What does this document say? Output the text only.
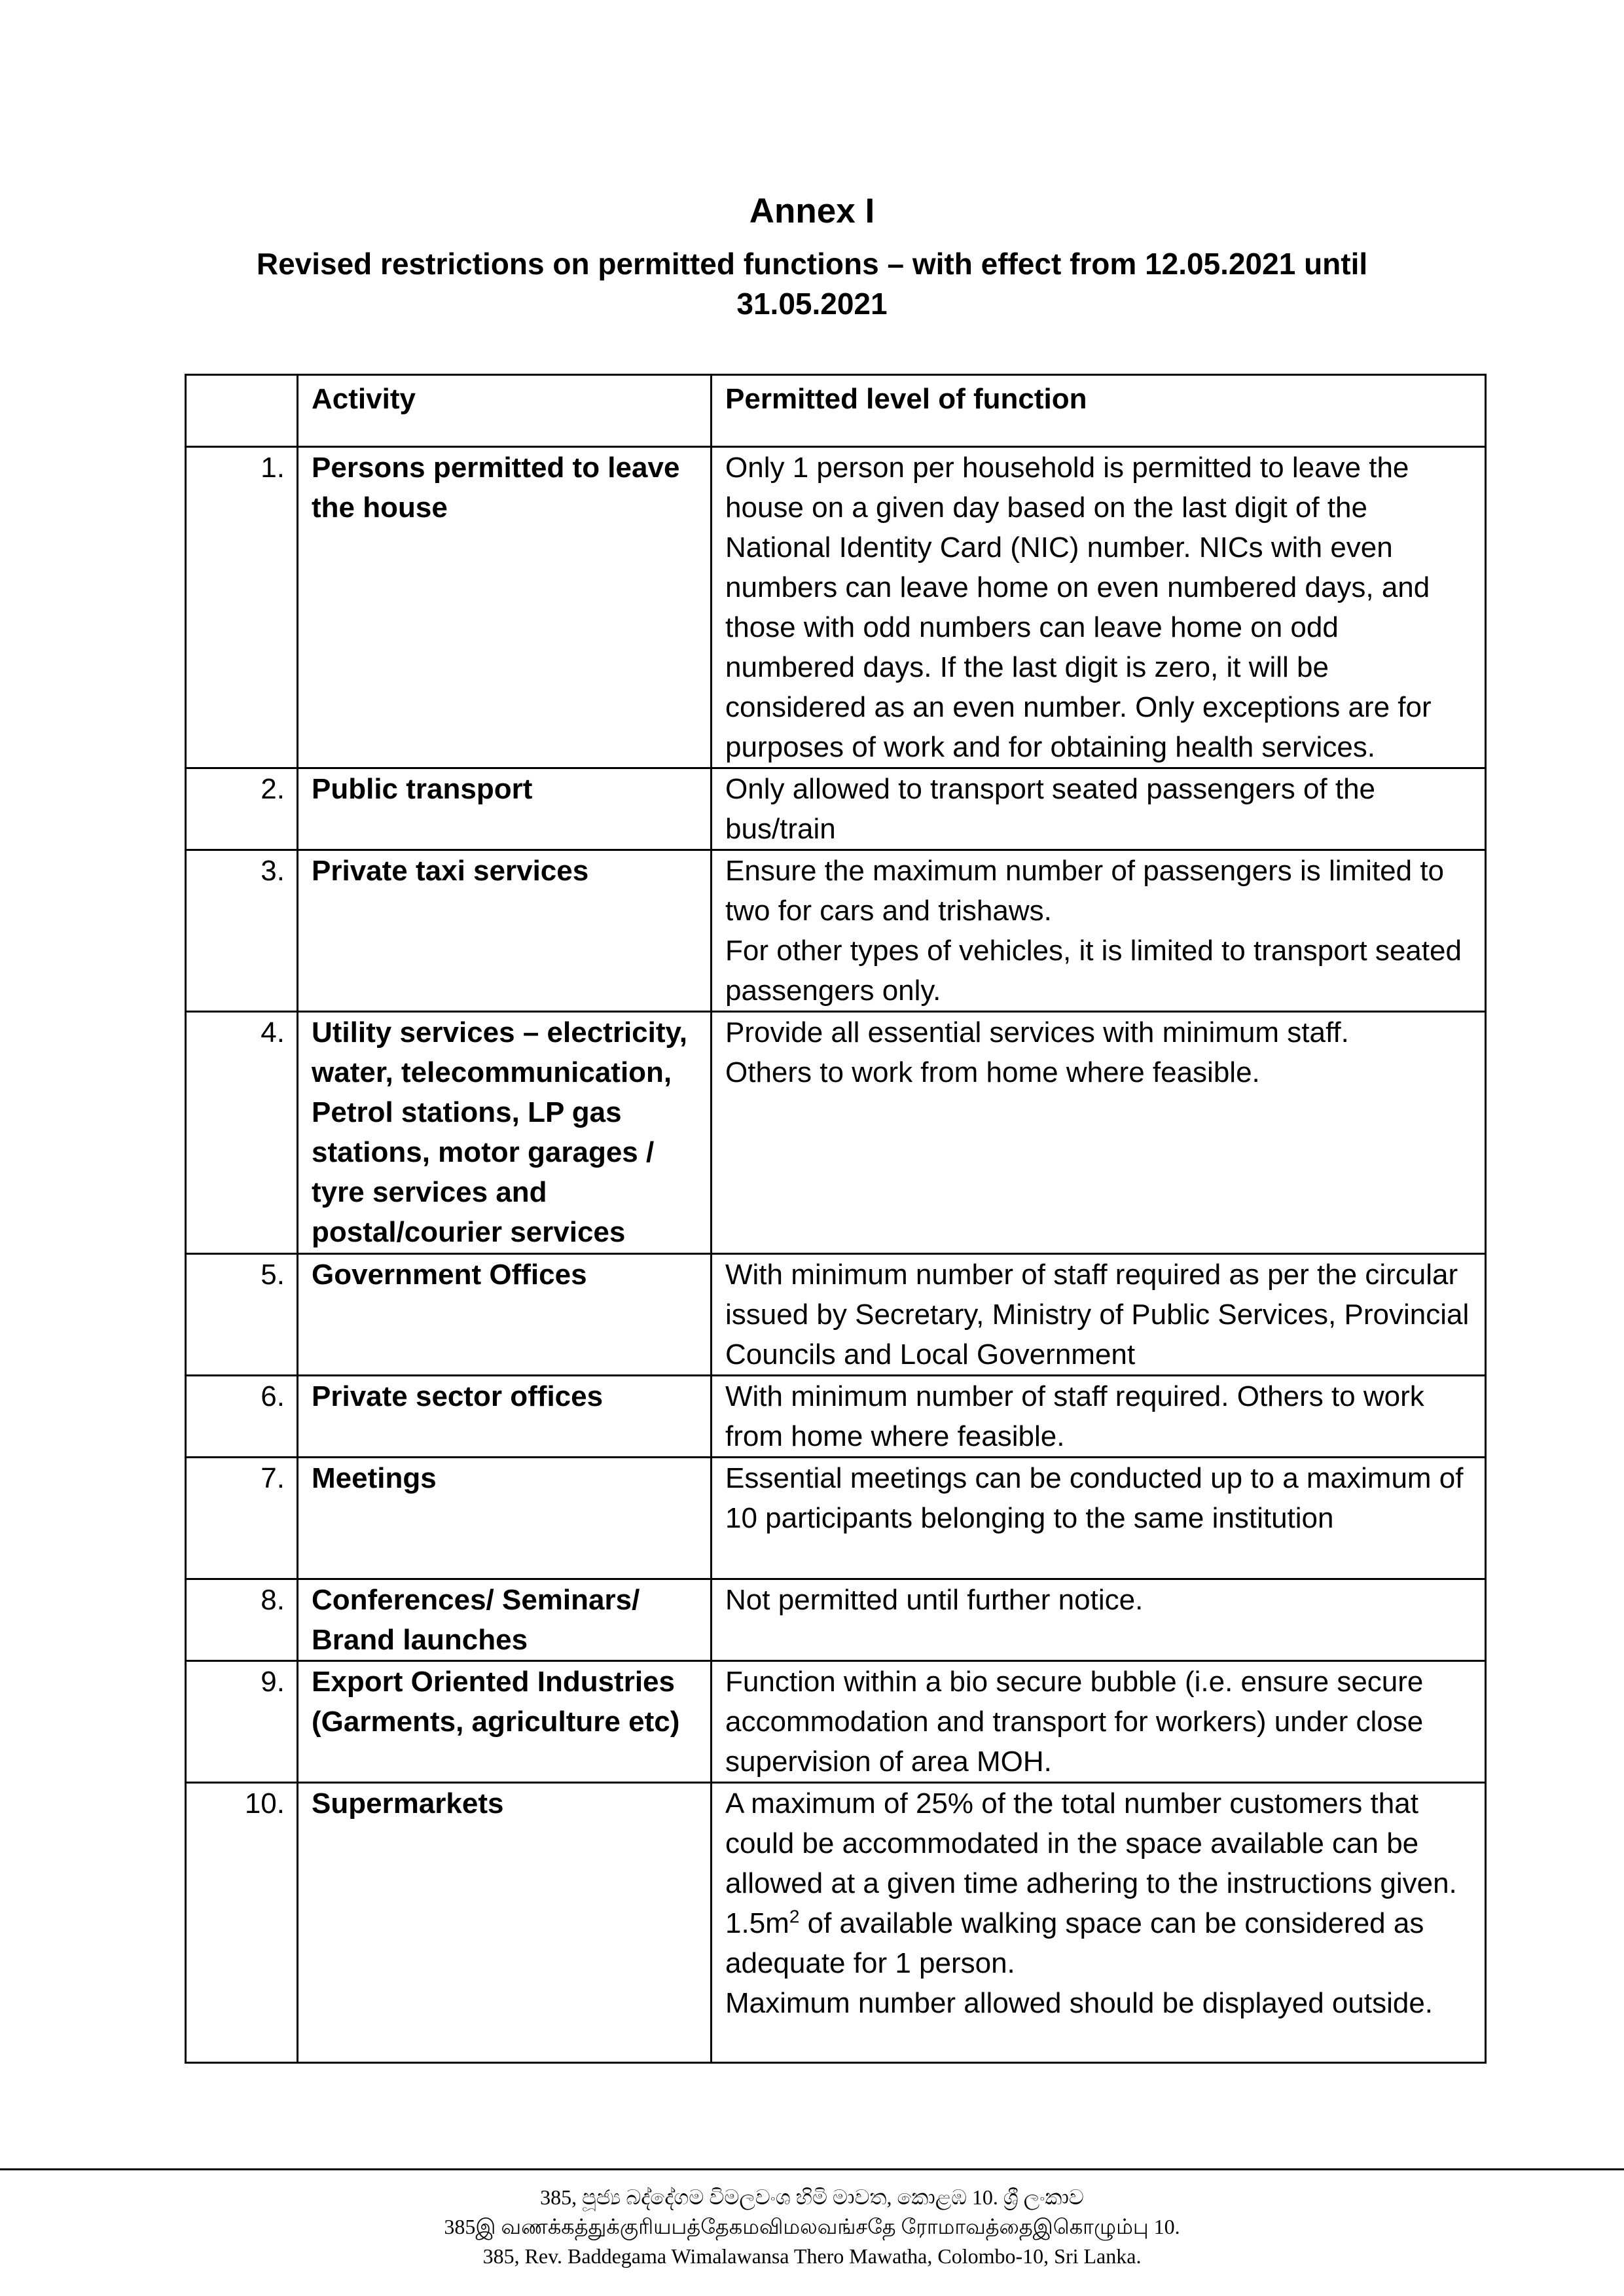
Annex I
Revised restrictions on permitted functions – with effect from 12.05.2021 until
31.05.2021
	Activity	Permitted level of function
1.	Persons permitted to leave the house	Only 1 person per household is permitted to leave the house on a given day based on the last digit of the National Identity Card (NIC) number. NICs with even numbers can leave home on even numbered days, and those with odd numbers can leave home on odd numbered days. If the last digit is zero, it will be considered as an even number. Only exceptions are for purposes of work and for obtaining health services.

2.	Public transport	Only allowed to transport seated passengers of the bus/train

3.	Private taxi services	Ensure the maximum number of passengers is limited to two for cars and trishaws.
For other types of vehicles, it is limited to transport seated passengers only.

4.	Utility services – electricity, water, telecommunication, Petrol stations, LP gas stations, motor garages / tyre services and postal/courier services	Provide all essential services with minimum staff.
Others to work from home where feasible.

5.	Government Offices	With minimum number of staff required as per the circular issued by Secretary, Ministry of Public Services, Provincial Councils and Local Government

6.	Private sector offices	With minimum number of staff required. Others to work from home where feasible.

7.	Meetings	Essential meetings can be conducted up to a maximum of 10 participants belonging to the same institution

8.	Conferences/ Seminars/ Brand launches	Not permitted until further notice.

9.	Export Oriented Industries (Garments, agriculture etc)	Function within a bio secure bubble (i.e. ensure secure accommodation and transport for workers) under close supervision of area MOH.

10.	Supermarkets	A maximum of 25% of the total number customers that could be accommodated in the space available can be allowed at a given time adhering to the instructions given. $1.5m^2$ of available walking space can be considered as adequate for 1 person.
Maximum number allowed should be displayed outside.
385, පූජ්‍ය බද්දේගම විමලවංශ හිමි මාවත, කොළඹ 10. ශ්‍රී ලංකාව
385இ வணக்கத்துக்குரியபத்தேகமவிமலவங்சதே ரோமாவத்தைஇகொழும்பு 10.
385, Rev. Baddegama Wimalawansa Thero Mawatha, Colombo-10, Sri Lanka.
